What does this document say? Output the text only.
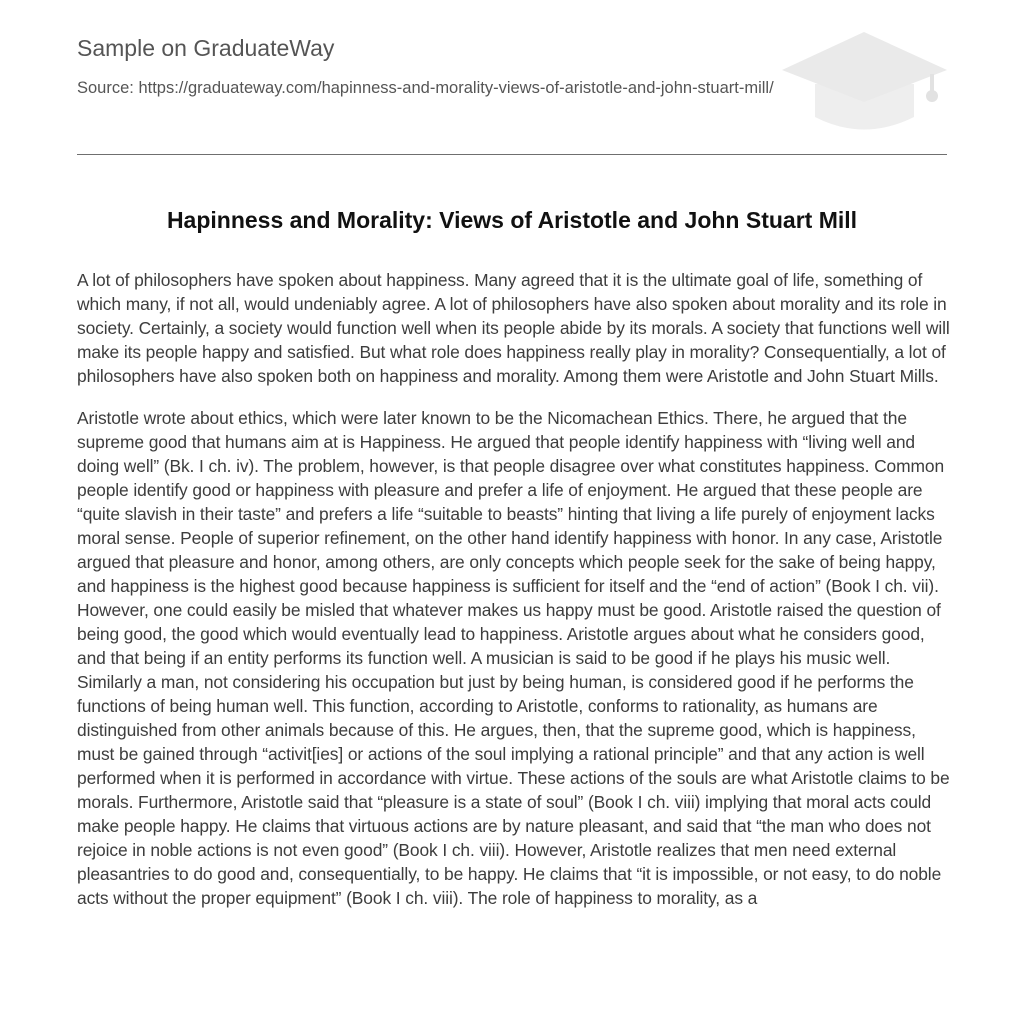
Sample on GraduateWay
Source: https://graduateway.com/hapinness-and-morality-views-of-aristotle-and-john-stuart-mill/
Hapinness and Morality: Views of Aristotle and John Stuart Mill

A lot of philosophers have spoken about happiness. Many agreed that it is the ultimate goal of life, something of which many, if not all, would undeniably agree. A lot of philosophers have also spoken about morality and its role in society. Certainly, a society would function well when its people abide by its morals. A society that functions well will make its people happy and satisfied. But what role does happiness really play in morality? Consequentially, a lot of philosophers have also spoken both on happiness and morality. Among them were Aristotle and John Stuart Mills.

Aristotle wrote about ethics, which were later known to be the Nicomachean Ethics. There, he argued that the supreme good that humans aim at is Happiness. He argued that people identify happiness with “living well and doing well” (Bk. I ch. iv). The problem, however, is that people disagree over what constitutes happiness. Common people identify good or happiness with pleasure and prefer a life of enjoyment. He argued that these people are “quite slavish in their taste” and prefers a life “suitable to beasts” hinting that living a life purely of enjoyment lacks moral sense. People of superior refinement, on the other hand identify happiness with honor. In any case, Aristotle argued that pleasure and honor, among others, are only concepts which people seek for the sake of being happy, and happiness is the highest good because happiness is sufficient for itself and the “end of action” (Book I ch. vii). However, one could easily be misled that whatever makes us happy must be good. Aristotle raised the question of being good, the good which would eventually lead to happiness. Aristotle argues about what he considers good, and that being if an entity performs its function well. A musician is said to be good if he plays his music well. Similarly a man, not considering his occupation but just by being human, is considered good if he performs the functions of being human well. This function, according to Aristotle, conforms to rationality, as humans are distinguished from other animals because of this. He argues, then, that the supreme good, which is happiness, must be gained through “activit[ies] or actions of the soul implying a rational principle” and that any action is well performed when it is performed in accordance with virtue. These actions of the souls are what Aristotle claims to be morals. Furthermore, Aristotle said that “pleasure is a state of soul” (Book I ch. viii) implying that moral acts could make people happy. He claims that virtuous actions are by nature pleasant, and said that “the man who does not rejoice in noble actions is not even good” (Book I ch. viii). However, Aristotle realizes that men need external pleasantries to do good and, consequentially, to be happy. He claims that “it is impossible, or not easy, to do noble acts without the proper equipment” (Book I ch. viii). The role of happiness to morality, as a
